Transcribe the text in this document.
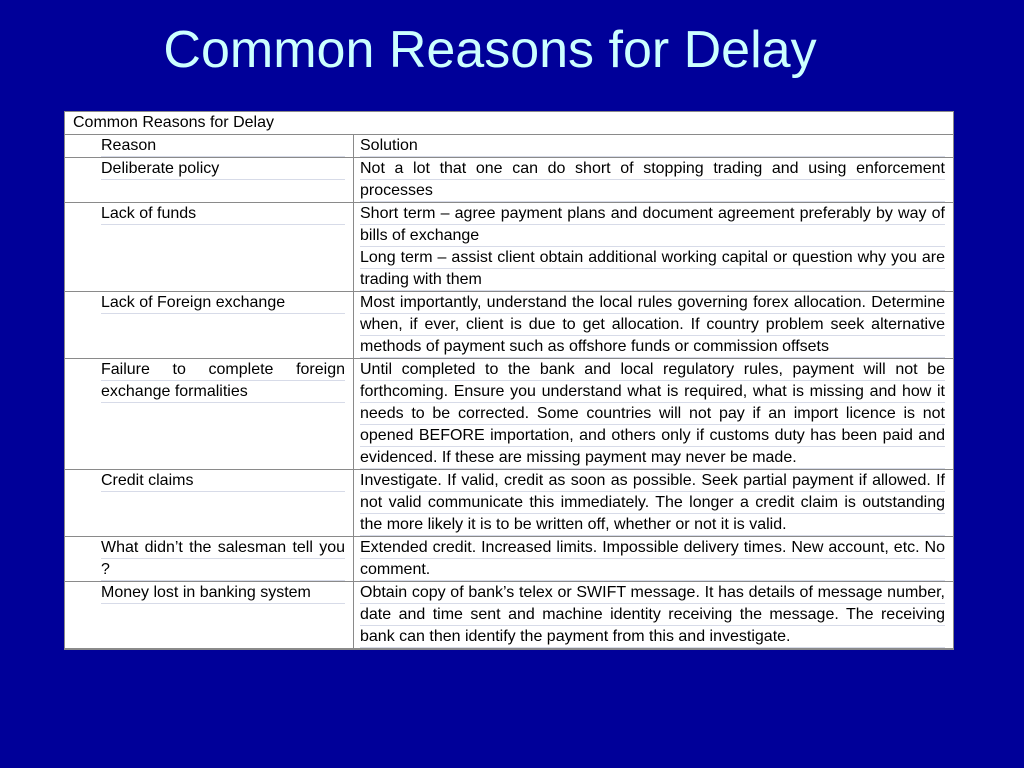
Common Reasons for Delay
Common Reasons for Delay	

Reason	Solution

Deliberate policy	Not a lot that one can do short of stopping trading and using enforcement processes

Lack of funds	Short term – agree payment plans and document agreement preferably by way of bills of exchange
Long term – assist client obtain additional working capital or question why you are trading with them

Lack of Foreign exchange	Most importantly, understand the local rules governing forex allocation. Determine when, if ever, client is due to get allocation. If country problem seek alternative methods of payment such as offshore funds or commission offsets

Failure to complete foreign exchange formalities	Until completed to the bank and local regulatory rules, payment will not be forthcoming. Ensure you understand what is required, what is missing and how it needs to be corrected. Some countries will not pay if an import licence is not opened BEFORE importation, and others only if customs duty has been paid and evidenced. If these are missing payment may never be made.

Credit claims	Investigate. If valid, credit as soon as possible. Seek partial payment if allowed. If not valid communicate this immediately. The longer a credit claim is outstanding the more likely it is to be written off, whether or not it is valid.

What didn’t the salesman tell you ?	Extended credit. Increased limits. Impossible delivery times. New account, etc. No comment.

Money lost in banking system	Obtain copy of bank’s telex or SWIFT message. It has details of message number, date and time sent and machine identity receiving the message. The receiving bank can then identify the payment from this and investigate.
